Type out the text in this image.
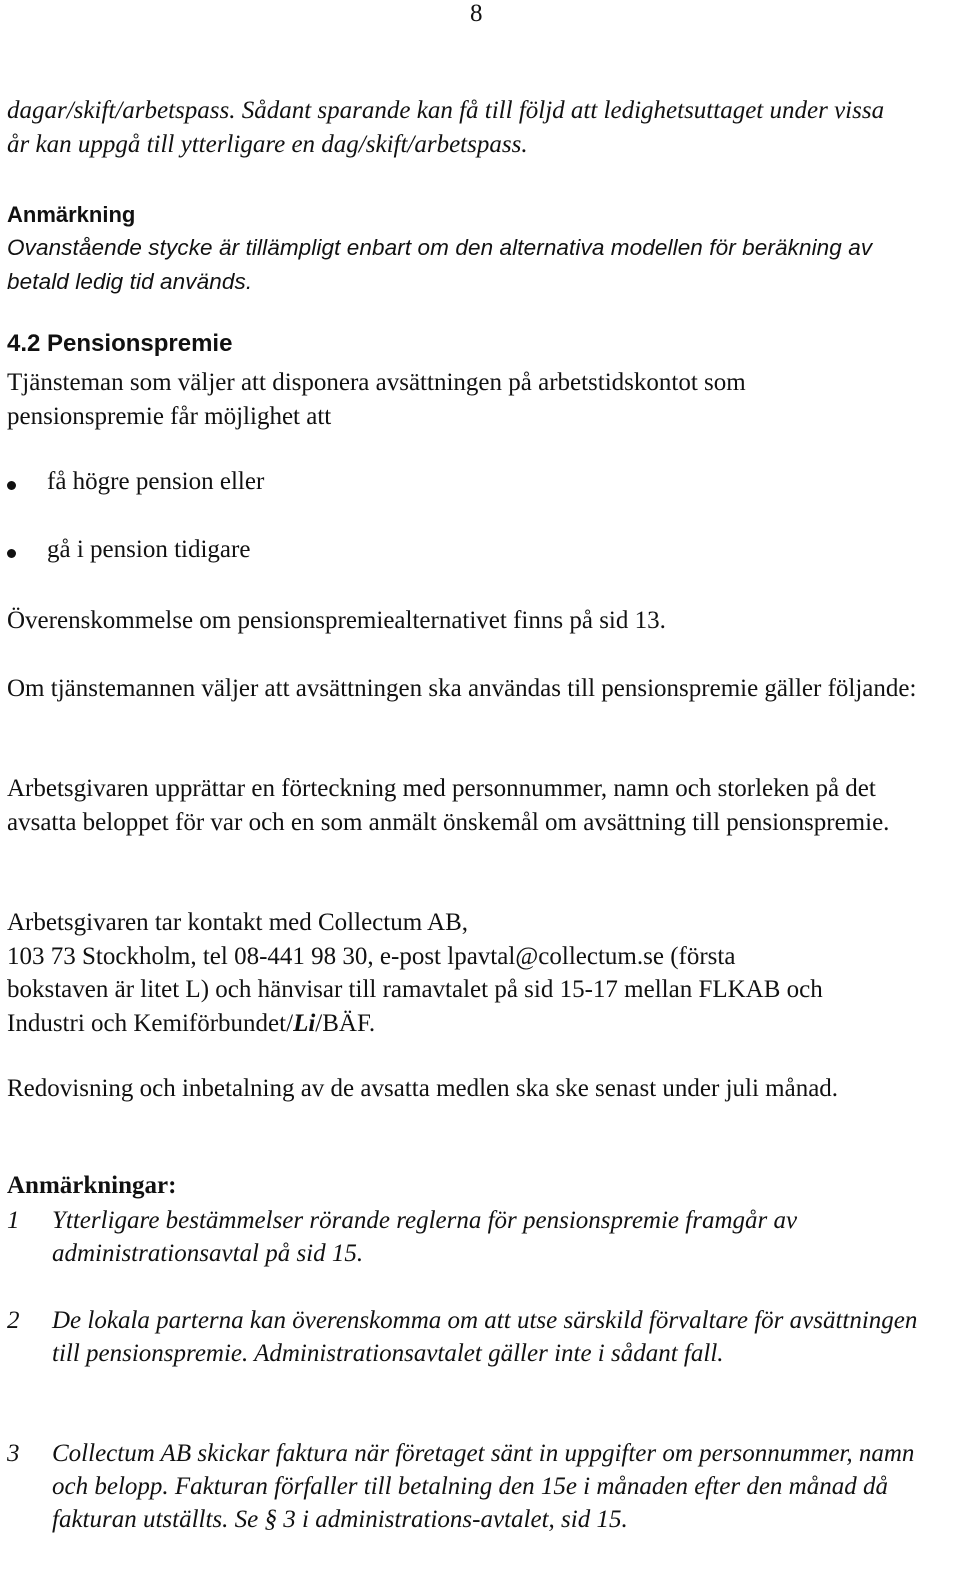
8

dagar/skift/arbetspass. Sådant sparande kan få till följd att ledighetsuttaget under vissa år kan uppgå till ytterligare en dag/skift/arbetspass.

Anmärkning
Ovanstående stycke är tillämpligt enbart om den alternativa modellen för beräkning av betald ledig tid används.
4.2 Pensionspremie

Tjänsteman som väljer att disponera avsättningen på arbetstidskontot som pensionspremie får möjlighet att

få högre pension eller
gå i pension tidigare

Överenskommelse om pensionspremiealternativet finns på sid 13.

Om tjänstemannen väljer att avsättningen ska användas till pensionspremie gäller följande:

Arbetsgivaren upprättar en förteckning med personnummer, namn och storleken på det avsatta beloppet för var och en som anmält önskemål om avsättning till pensionspremie.

Arbetsgivaren tar kontakt med Collectum AB,
103 73 Stockholm, tel 08-441 98 30, e-post lpavtal@collectum.se (första
bokstaven är litet L) och hänvisar till ramavtalet på sid 15-17 mellan FLKAB och
Industri och Kemiförbundet/Li/BÄF.

Redovisning och inbetalning av de avsatta medlen ska ske senast under juli månad.

Anmärkningar:
1 Ytterligare bestämmelser rörande reglerna för pensionspremie framgår av administrationsavtal på sid 15.
2 De lokala parterna kan överenskomma om att utse särskild förvaltare för avsättningen till pensionspremie. Administrationsavtalet gäller inte i sådant fall.
3 Collectum AB skickar faktura när företaget sänt in uppgifter om personnummer, namn och belopp. Fakturan förfaller till betalning den 15e i månaden efter den månad då fakturan utställts. Se § 3 i administrations-avtalet, sid 15.
